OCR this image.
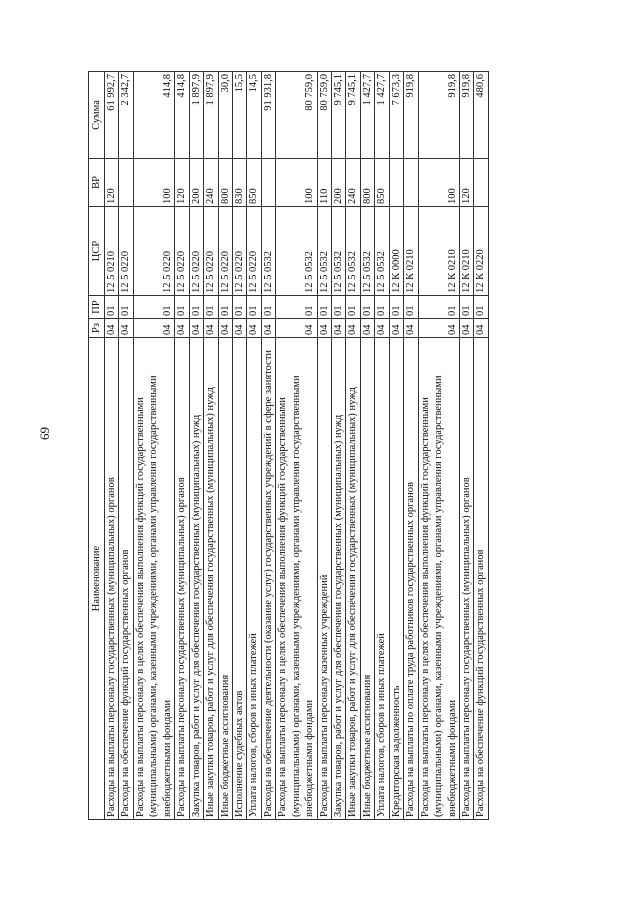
69
Наименование	Рз	ПР	ЦСР	ВР	Сумма
Расходы на выплаты персоналу государственных (муниципальных) органов	04	01	12 5 0210	120	61 992,7
Расходы на обеспечение функций государственных органов	04	01	12 5 0220		2 342,7
Расходы на выплаты персоналу в целях обеспечения выполнения функций государственными (муниципальными) органами, казенными учреждениями, органами управления государственными внебюджетными фондами	04	01	12 5 0220	100	414,8
Расходы на выплаты персоналу государственных (муниципальных) органов	04	01	12 5 0220	120	414,8
Закупка товаров, работ и услуг для обеспечения государственных (муниципальных) нужд	04	01	12 5 0220	200	1 897,9
Иные закупки товаров, работ и услуг для обеспечения государственных (муниципальных) нужд	04	01	12 5 0220	240	1 897,9
Иные бюджетные ассигнования	04	01	12 5 0220	800	30,0
Исполнение судебных актов	04	01	12 5 0220	830	15,5
Уплата налогов, сборов и иных платежей	04	01	12 5 0220	850	14,5
Расходы на обеспечение деятельности (оказание услуг) государственных учреждений в сфере занятости	04	01	12 5 0532		91 931,8
Расходы на выплаты персоналу в целях обеспечения выполнения функций государственными (муниципальными) органами, казенными учреждениями, органами управления государственными внебюджетными фондами	04	01	12 5 0532	100	80 759,0
Расходы на выплаты персоналу казенных учреждений	04	01	12 5 0532	110	80 759,0
Закупка товаров, работ и услуг для обеспечения государственных (муниципальных) нужд	04	01	12 5 0532	200	9 745,1
Иные закупки товаров, работ и услуг для обеспечения государственных (муниципальных) нужд	04	01	12 5 0532	240	9 745,1
Иные бюджетные ассигнования	04	01	12 5 0532	800	1 427,7
Уплата налогов, сборов и иных платежей	04	01	12 5 0532	850	1 427,7
Кредиторская задолженность	04	01	12 К 0000		7 673,3
Расходы на выплаты по оплате труда работников государственных органов	04	01	12 К 0210		919,8
Расходы на выплаты персоналу в целях обеспечения выполнения функций государственными (муниципальными) органами, казенными учреждениями, органами управления государственными внебюджетными фондами	04	01	12 К 0210	100	919,8
Расходы на выплаты персоналу государственных (муниципальных) органов	04	01	12 К 0210	120	919,8
Расходы на обеспечение функций государственных органов	04	01	12 К 0220		480,6
